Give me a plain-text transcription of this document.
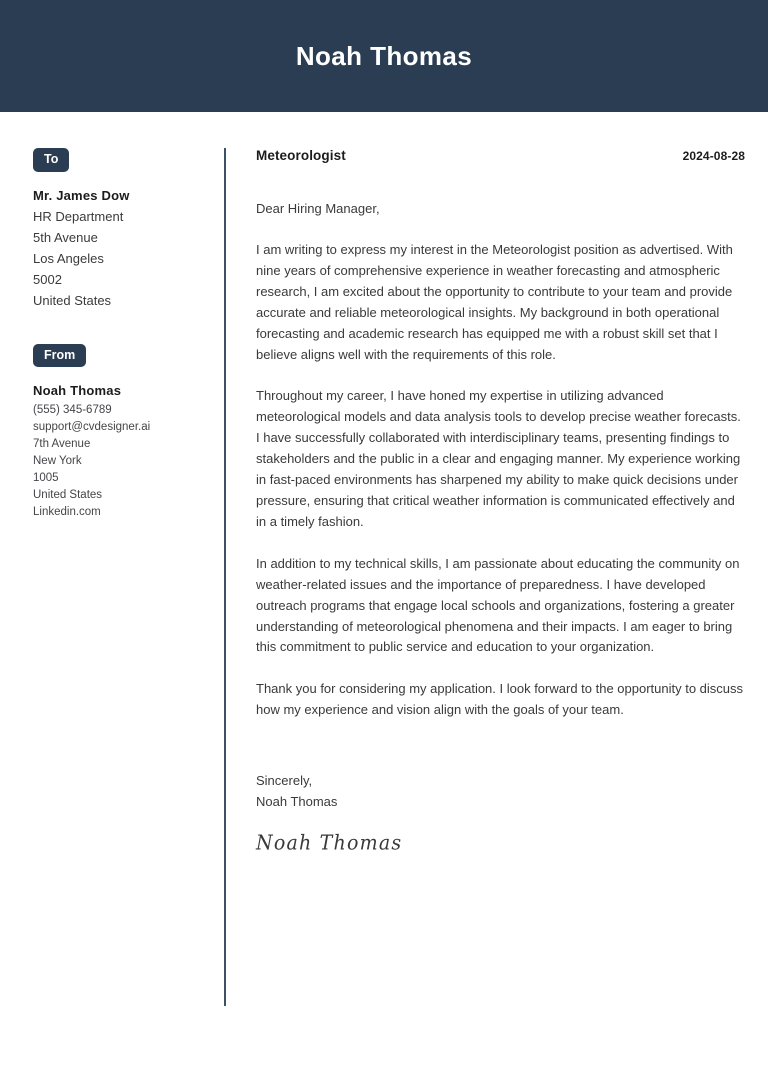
Noah Thomas
To
Mr. James Dow
HR Department
5th Avenue
Los Angeles
5002
United States
From
Noah Thomas
(555) 345-6789
support@cvdesigner.ai
7th Avenue
New York
1005
United States
Linkedin.com
Meteorologist	2024-08-28
Dear Hiring Manager,
I am writing to express my interest in the Meteorologist position as advertised. With nine years of comprehensive experience in weather forecasting and atmospheric research, I am excited about the opportunity to contribute to your team and provide accurate and reliable meteorological insights. My background in both operational forecasting and academic research has equipped me with a robust skill set that I believe aligns well with the requirements of this role.
Throughout my career, I have honed my expertise in utilizing advanced meteorological models and data analysis tools to develop precise weather forecasts. I have successfully collaborated with interdisciplinary teams, presenting findings to stakeholders and the public in a clear and engaging manner. My experience working in fast-paced environments has sharpened my ability to make quick decisions under pressure, ensuring that critical weather information is communicated effectively and in a timely fashion.
In addition to my technical skills, I am passionate about educating the community on weather-related issues and the importance of preparedness. I have developed outreach programs that engage local schools and organizations, fostering a greater understanding of meteorological phenomena and their impacts. I am eager to bring this commitment to public service and education to your organization.
Thank you for considering my application. I look forward to the opportunity to discuss how my experience and vision align with the goals of your team.
Sincerely,
Noah Thomas
Noah Thomas
